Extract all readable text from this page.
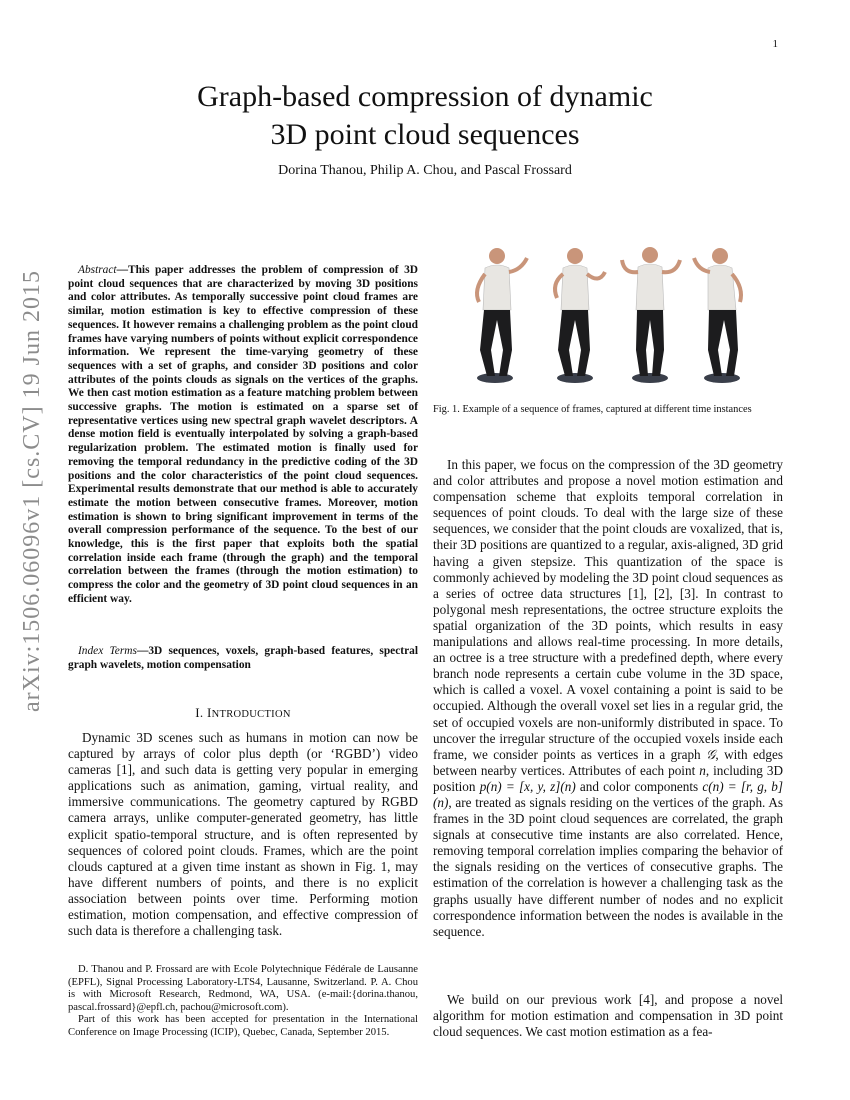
1
arXiv:1506.06096v1 [cs.CV] 19 Jun 2015
Graph-based compression of dynamic
3D point cloud sequences
Dorina Thanou, Philip A. Chou, and Pascal Frossard
Abstract—This paper addresses the problem of compression of 3D point cloud sequences that are characterized by moving 3D positions and color attributes. As temporally successive point cloud frames are similar, motion estimation is key to effective compression of these sequences. It however remains a challenging problem as the point cloud frames have varying numbers of points without explicit correspondence information. We represent the time-varying geometry of these sequences with a set of graphs, and consider 3D positions and color attributes of the points clouds as signals on the vertices of the graphs. We then cast motion estimation as a feature matching problem between successive graphs. The motion is estimated on a sparse set of representative vertices using new spectral graph wavelet descriptors. A dense motion field is eventually interpolated by solving a graph-based regularization problem. The estimated motion is finally used for removing the temporal redundancy in the predictive coding of the 3D positions and the color characteristics of the point cloud sequences. Experimental results demonstrate that our method is able to accurately estimate the motion between consecutive frames. Moreover, motion estimation is shown to bring significant improvement in terms of the overall compression performance of the sequence. To the best of our knowledge, this is the first paper that exploits both the spatial correlation inside each frame (through the graph) and the temporal correlation between the frames (through the motion estimation) to compress the color and the geometry of 3D point cloud sequences in an efficient way.
Index Terms—3D sequences, voxels, graph-based features, spectral graph wavelets, motion compensation
I. INTRODUCTION
Dynamic 3D scenes such as humans in motion can now be captured by arrays of color plus depth (or ‘RGBD’) video cameras [1], and such data is getting very popular in emerging applications such as animation, gaming, virtual reality, and immersive communications. The geometry captured by RGBD camera arrays, unlike computer-generated geometry, has little explicit spatio-temporal structure, and is often represented by sequences of colored point clouds. Frames, which are the point clouds captured at a given time instant as shown in Fig. 1, may have different numbers of points, and there is no explicit association between points over time. Performing motion estimation, motion compensation, and effective compression of such data is therefore a challenging task.

D. Thanou and P. Frossard are with Ecole Polytechnique Fédérale de Lausanne (EPFL), Signal Processing Laboratory-LTS4, Lausanne, Switzerland. P. A. Chou is with Microsoft Research, Redmond, WA, USA. (e-mail:{dorina.thanou, pascal.frossard}@epfl.ch, pachou@microsoft.com).

Part of this work has been accepted for presentation in the International Conference on Image Processing (ICIP), Quebec, Canada, September 2015.

Fig. 1. Example of a sequence of frames, captured at different time instances
In this paper, we focus on the compression of the 3D geometry and color attributes and propose a novel motion estimation and compensation scheme that exploits temporal correlation in sequences of point clouds. To deal with the large size of these sequences, we consider that the point clouds are voxalized, that is, their 3D positions are quantized to a regular, axis-aligned, 3D grid having a given stepsize. This quantization of the space is commonly achieved by modeling the 3D point cloud sequences as a series of octree data structures [1], [2], [3]. In contrast to polygonal mesh representations, the octree structure exploits the spatial organization of the 3D points, which results in easy manipulations and allows real-time processing. In more details, an octree is a tree structure with a predefined depth, where every branch node represents a certain cube volume in the 3D space, which is called a voxel. A voxel containing a point is said to be occupied. Although the overall voxel set lies in a regular grid, the set of occupied voxels are non-uniformly distributed in space. To uncover the irregular structure of the occupied voxels inside each frame, we consider points as vertices in a graph 𝒢, with edges between nearby vertices. Attributes of each point n, including 3D position p(n) = [x, y, z](n) and color components c(n) = [r, g, b](n), are treated as signals residing on the vertices of the graph. As frames in the 3D point cloud sequences are correlated, the graph signals at consecutive time instants are also correlated. Hence, removing temporal correlation implies comparing the behavior of the signals residing on the vertices of consecutive graphs. The estimation of the correlation is however a challenging task as the graphs usually have different number of nodes and no explicit correspondence information between the nodes is available in the sequence.
We build on our previous work [4], and propose a novel algorithm for motion estimation and compensation in 3D point cloud sequences. We cast motion estimation as a fea-
